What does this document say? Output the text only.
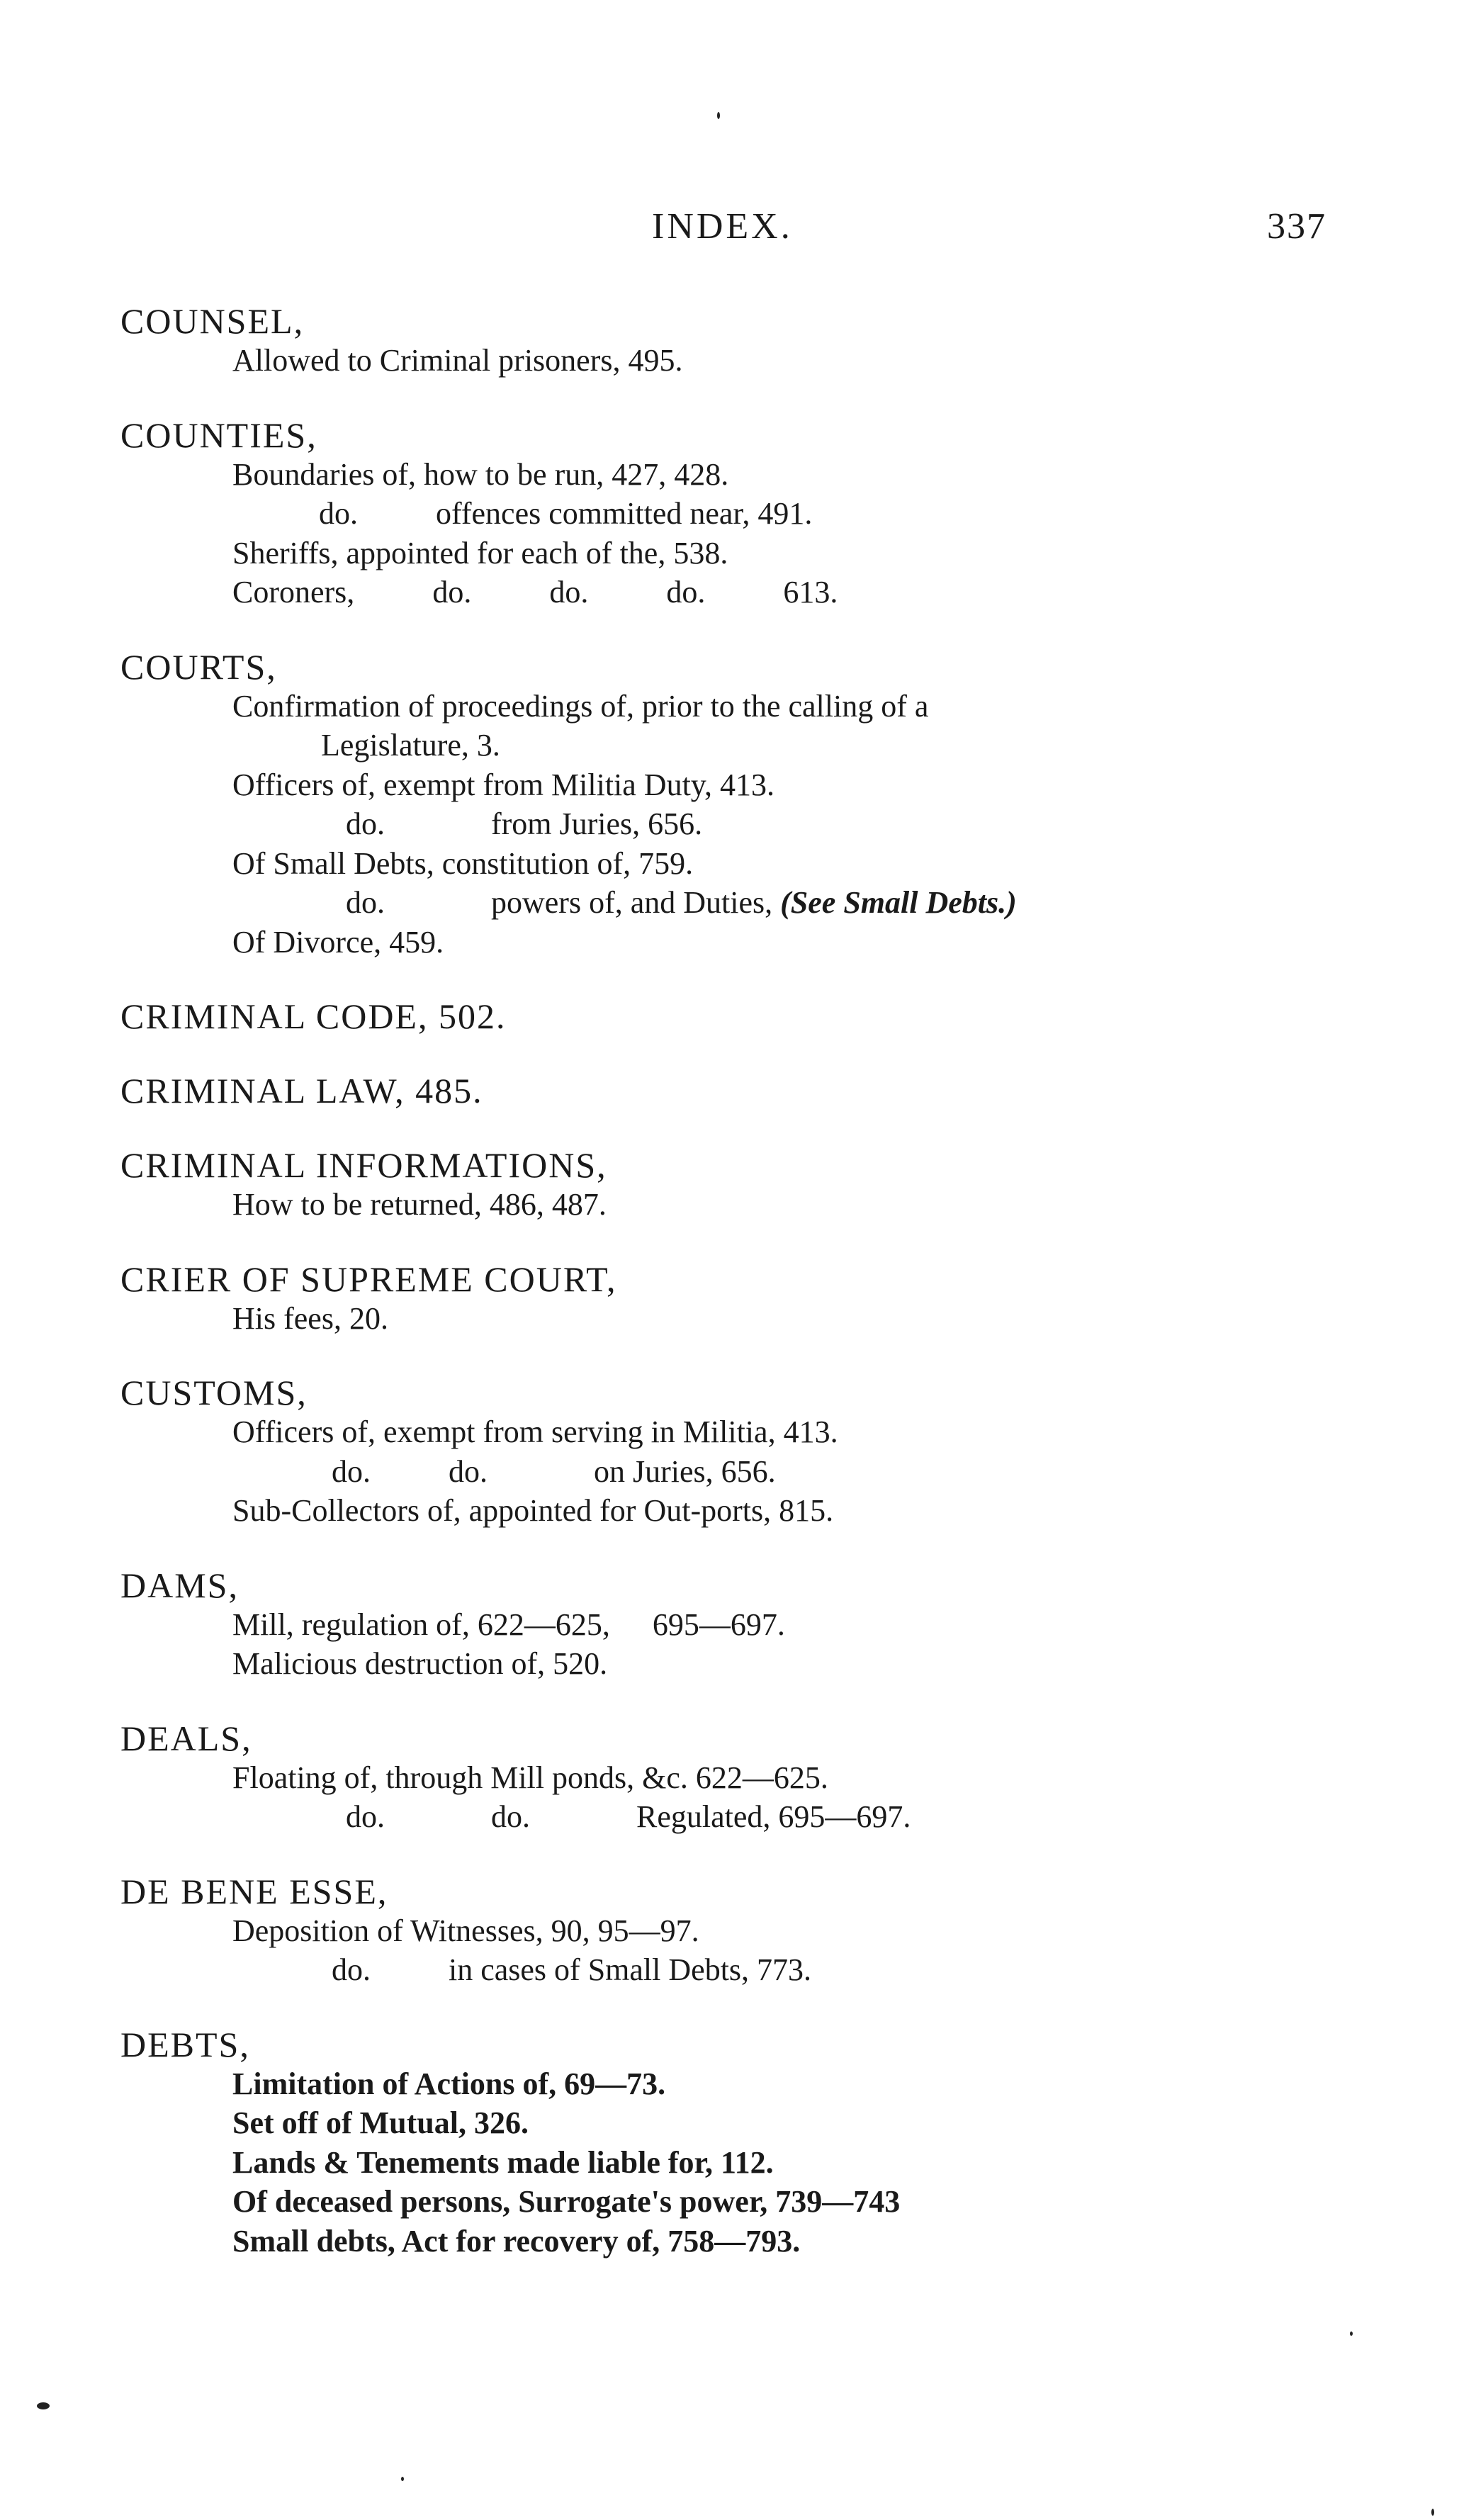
INDEX.	337
COUNSEL,
Allowed to Criminal prisoners, 495.
COUNTIES,
Boundaries of, how to be run, 427, 428.
do.	offences committed near, 491.
Sheriffs, appointed for each of the, 538.
Coroners,	do.	do.	do.	613.
COURTS,
Confirmation of proceedings of, prior to the calling of a
Legislature, 3.
Officers of, exempt from Militia Duty, 413.
do.	from Juries, 656.
Of Small Debts, constitution of, 759.
do.	powers of, and Duties, (See Small Debts.)
Of Divorce, 459.
CRIMINAL CODE, 502.
CRIMINAL LAW, 485.
CRIMINAL INFORMATIONS,
How to be returned, 486, 487.
CRIER OF SUPREME COURT,
His fees, 20.
CUSTOMS,
Officers of, exempt from serving in Militia, 413.
do.	do.	on Juries, 656.
Sub-Collectors of, appointed for Out-ports, 815.
DAMS,
Mill, regulation of, 622—625, 695—697.
Malicious destruction of, 520.
DEALS,
Floating of, through Mill ponds, &c. 622—625.
do.	do.	Regulated, 695—697.
DE BENE ESSE,
Deposition of Witnesses, 90, 95—97.
do.	in cases of Small Debts, 773.
DEBTS,
Limitation of Actions of, 69—73.
Set off of Mutual, 326.
Lands & Tenements made liable for, 112.
Of deceased persons, Surrogate's power, 739—743
Small debts, Act for recovery of, 758—793.
